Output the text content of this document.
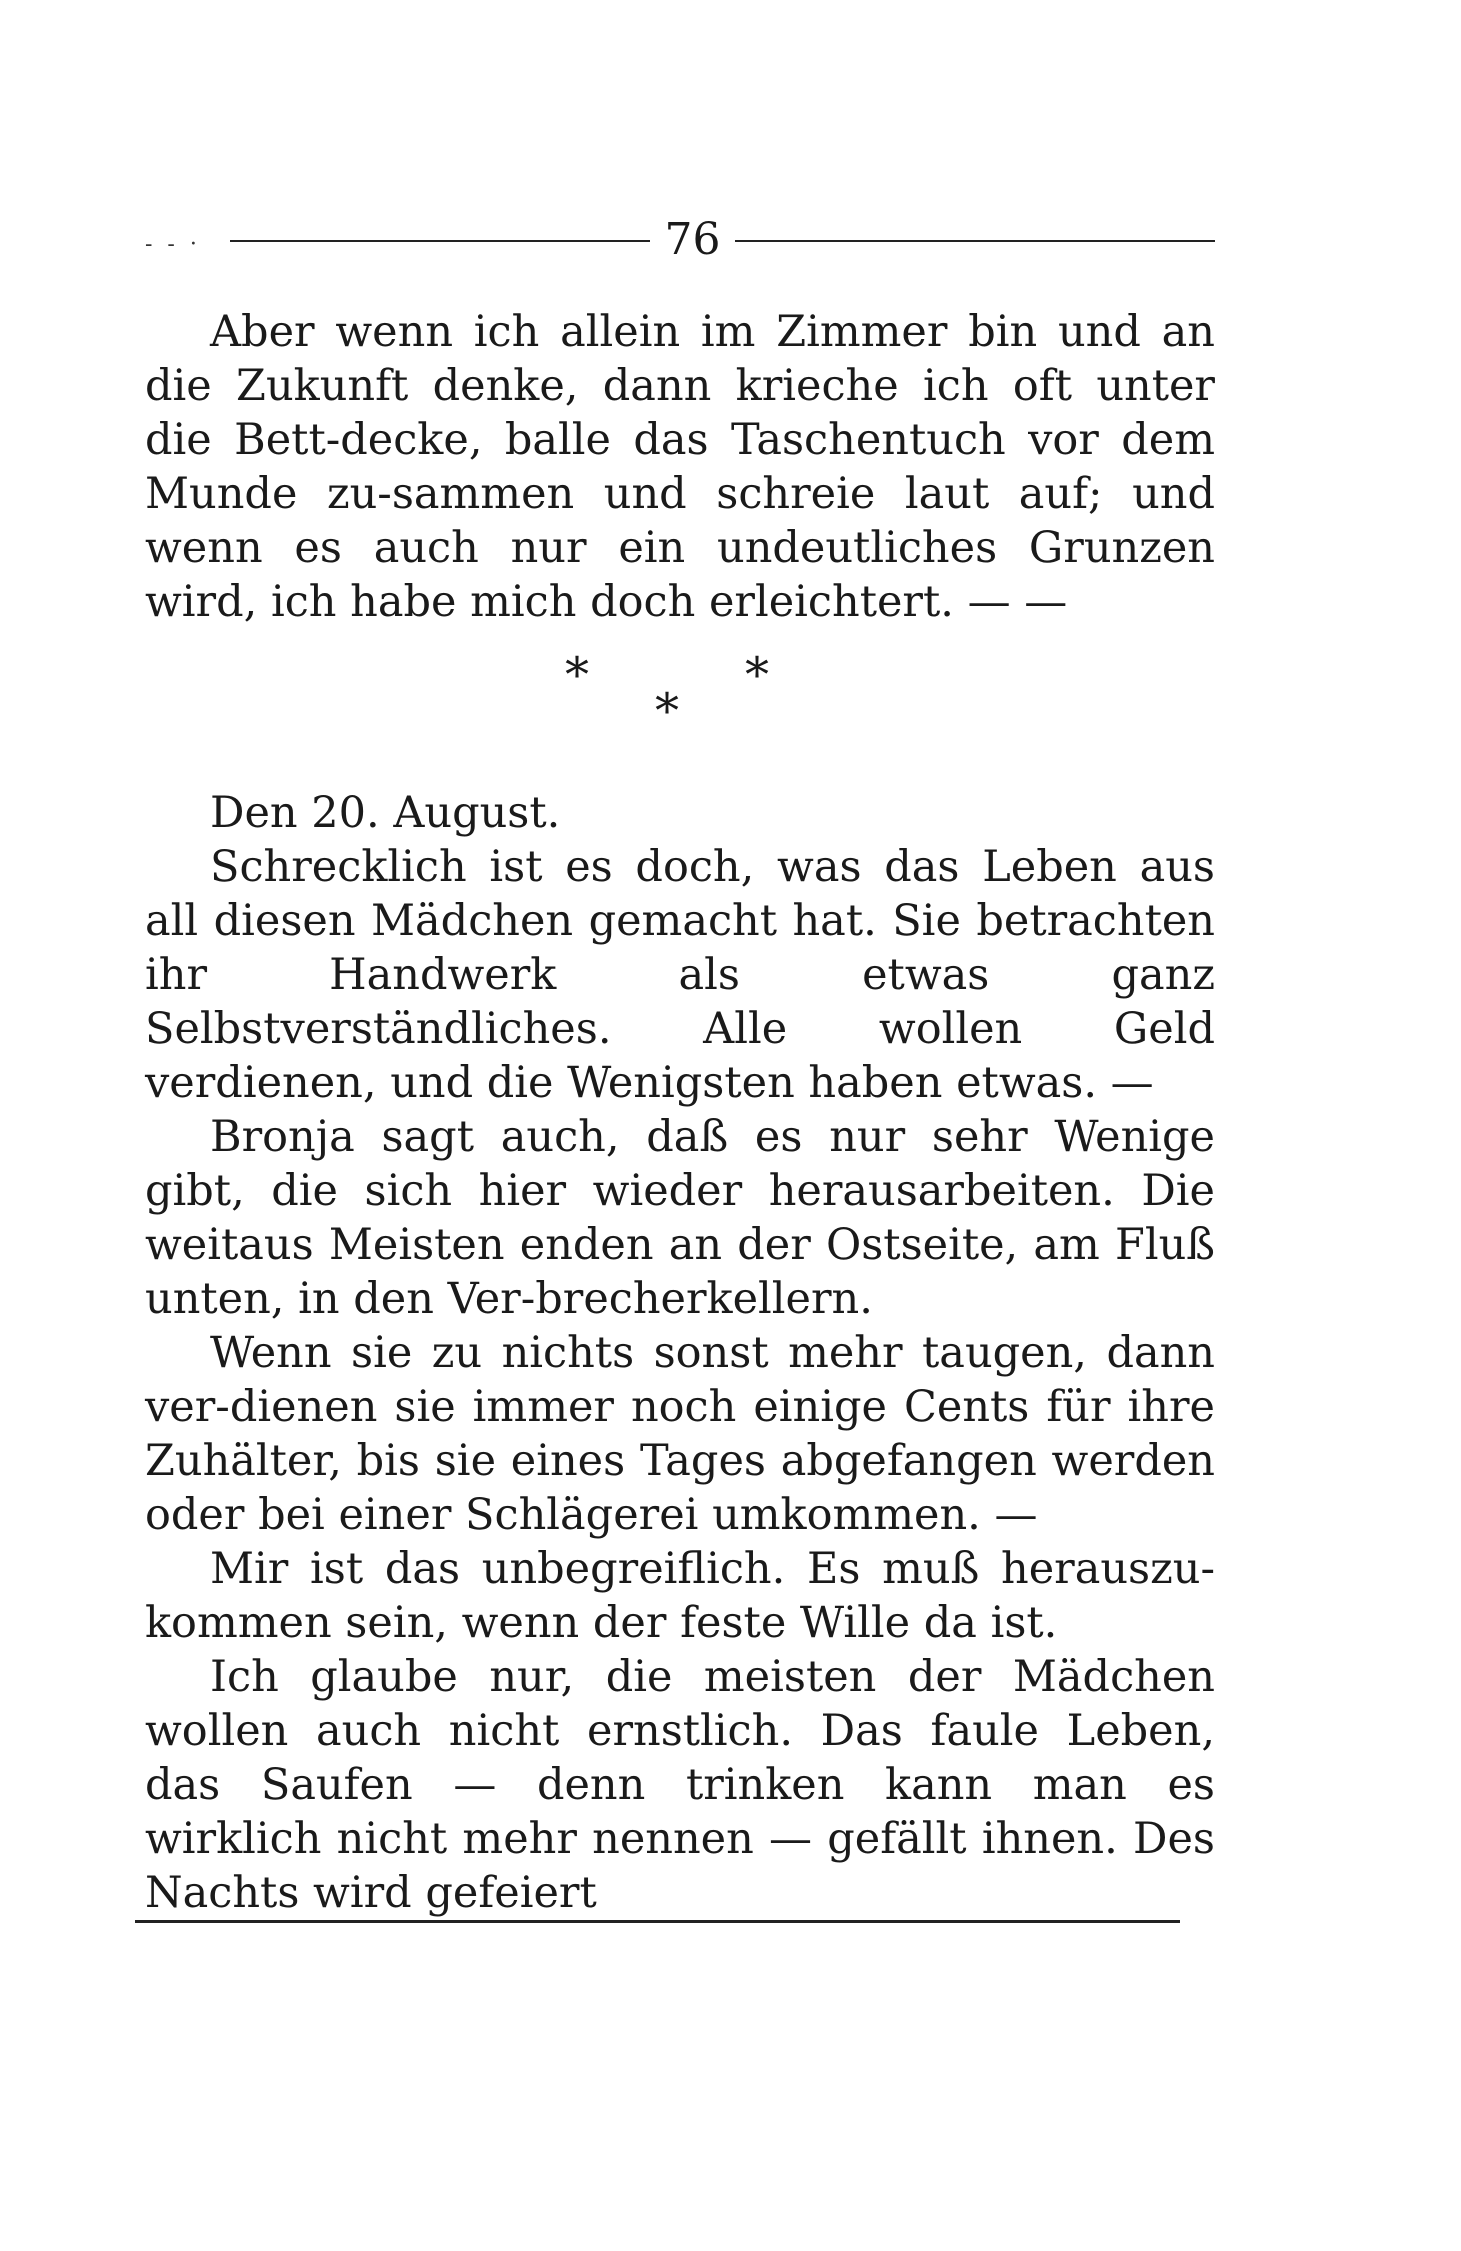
- - ·	76

Aber wenn ich allein im Zimmer bin und an die Zukunft denke, dann krieche ich oft unter die Bett-decke, balle das Taschentuch vor dem Munde zu-sammen und schreie laut auf; und wenn es auch nur ein undeutliches Grunzen wird, ich habe mich doch erleichtert. — —

*	*
*

Den 20. August.

Schrecklich ist es doch, was das Leben aus all diesen Mädchen gemacht hat. Sie betrachten ihr Handwerk als etwas ganz Selbstverständliches. Alle wollen Geld verdienen, und die Wenigsten haben etwas. —

Bronja sagt auch, daß es nur sehr Wenige gibt, die sich hier wieder herausarbeiten. Die weitaus Meisten enden an der Ostseite, am Fluß unten, in den Ver-brecherkellern.

Wenn sie zu nichts sonst mehr taugen, dann ver-dienen sie immer noch einige Cents für ihre Zuhälter, bis sie eines Tages abgefangen werden oder bei einer Schlägerei umkommen. —

Mir ist das unbegreiflich. Es muß herauszu-kommen sein, wenn der feste Wille da ist.

Ich glaube nur, die meisten der Mädchen wollen auch nicht ernstlich. Das faule Leben, das Saufen — denn trinken kann man es wirklich nicht mehr nennen — gefällt ihnen. Des Nachts wird gefeiert
